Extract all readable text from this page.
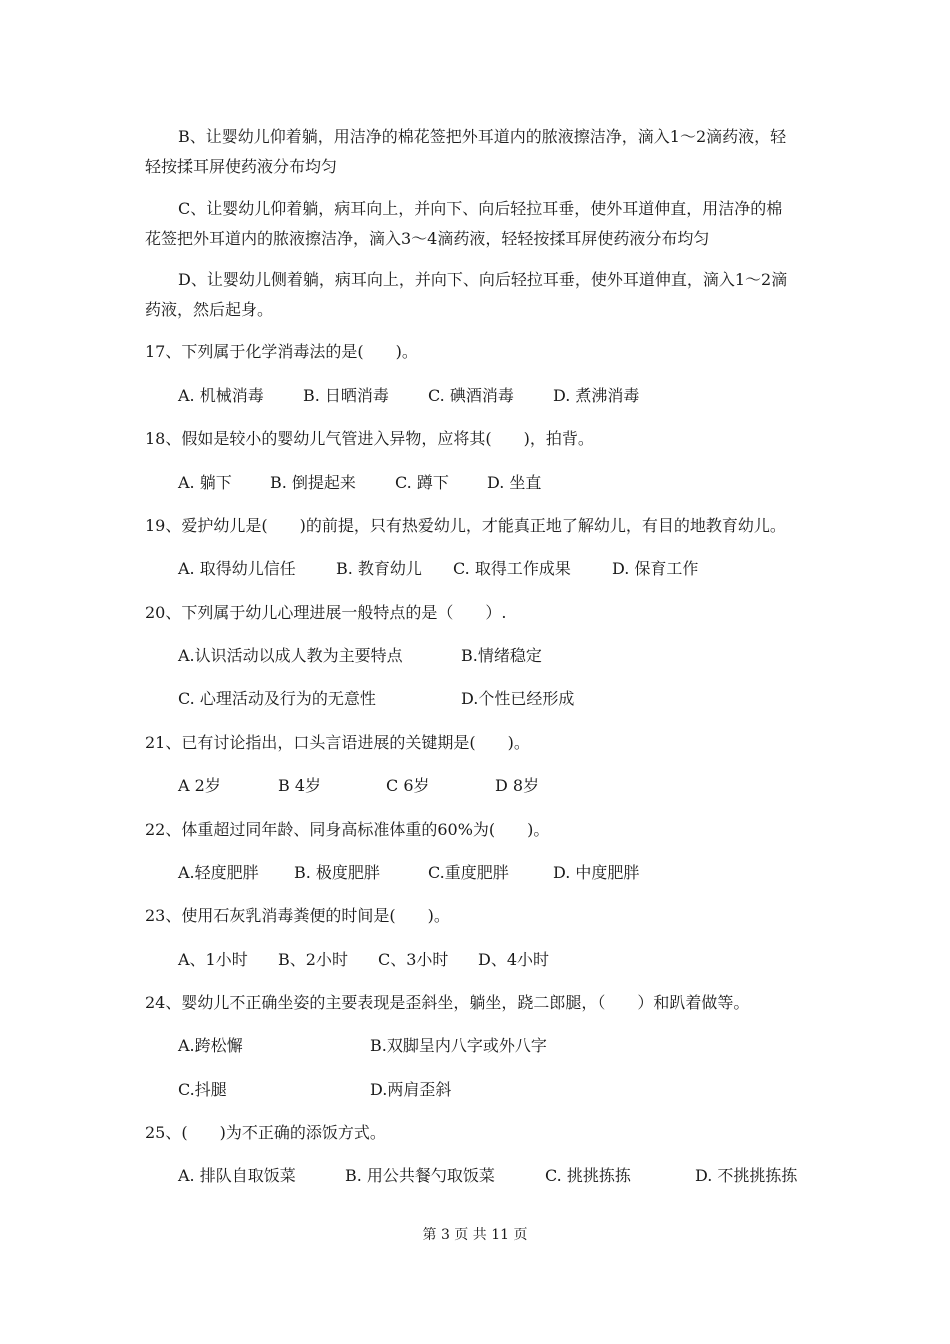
B、让婴幼儿仰着躺，用洁净的棉花签把外耳道内的脓液擦洁净，滴入1～2滴药液，轻
轻按揉耳屏使药液分布均匀
C、让婴幼儿仰着躺，病耳向上，并向下、向后轻拉耳垂，使外耳道伸直，用洁净的棉
花签把外耳道内的脓液擦洁净，滴入3～4滴药液，轻轻按揉耳屏使药液分布均匀
D、让婴幼儿侧着躺，病耳向上，并向下、向后轻拉耳垂，使外耳道伸直，滴入1～2滴
药液，然后起身。
17、下列属于化学消毒法的是(　　)。
A. 机械消毒 B. 日晒消毒 C. 碘酒消毒 D. 煮沸消毒
18、假如是较小的婴幼儿气管进入异物，应将其(　　)，拍背。
A. 躺下 B. 倒提起来 C. 蹲下 D. 坐直
19、爱护幼儿是(　　)的前提，只有热爱幼儿，才能真正地了解幼儿，有目的地教育幼儿。
A. 取得幼儿信任	B. 教育幼儿 C. 取得工作成果	D. 保育工作
20、下列属于幼儿心理进展一般特点的是（　　）.
A.认识活动以成人教为主要特点	B.情绪稳定
C. 心理活动及行为的无意性	D.个性已经形成
21、已有讨论指出，口头言语进展的关键期是(　　)。
A 2岁	B 4岁	C 6岁	D 8岁
22、体重超过同年龄、同身高标准体重的60%为(　　)。
A.轻度肥胖 B. 极度肥胖	C.重度肥胖	D. 中度肥胖
23、使用石灰乳消毒粪便的时间是(　　)。
A、1小时 B、2小时 C、3小时 D、4小时
24、婴幼儿不正确坐姿的主要表现是歪斜坐，躺坐，跷二郎腿，（　　）和趴着做等。
A.跨松懈	B.双脚呈内八字或外八字
C.抖腿	D.两肩歪斜
25、(　　)为不正确的添饭方式。
A. 排队自取饭菜	B. 用公共餐勺取饭菜	C. 挑挑拣拣	D. 不挑挑拣拣
第 3 页 共 11 页
